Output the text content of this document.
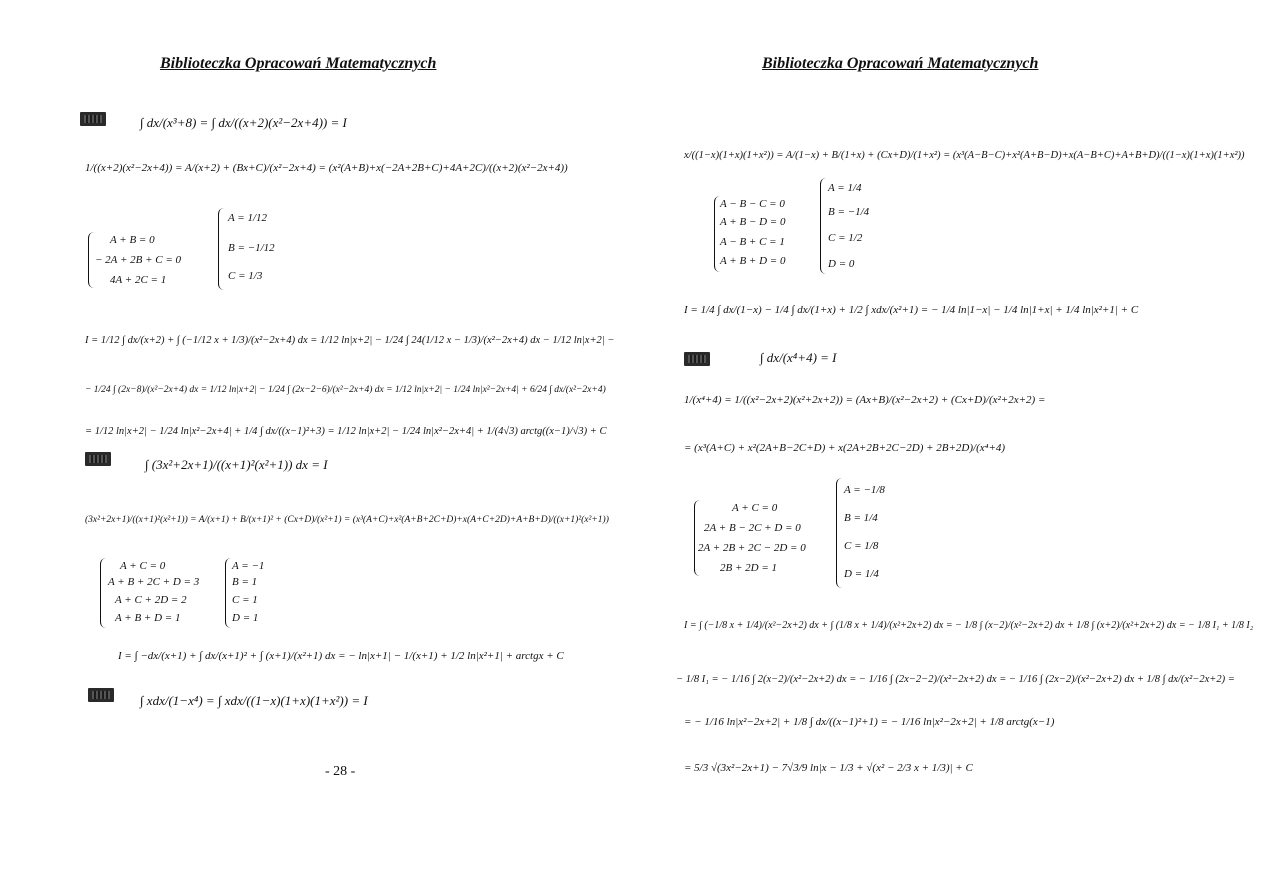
Biblioteczka Opracowań Matematycznych
∫ dx/(x³+8) = ∫ dx/((x+2)(x²−2x+4)) = I
1/((x+2)(x²−2x+4)) = A/(x+2) + (Bx+C)/(x²−2x+4) = (x²(A+B)+x(−2A+2B+C)+4A+2C)/((x+2)(x²−2x+4))
A + B = 0
− 2A + 2B + C = 0
4A + 2C = 1
A = 1/12
B = −1/12
C = 1/3
I = 1/12 ∫ dx/(x+2) + ∫ (−1/12 x + 1/3)/(x²−2x+4) dx = 1/12 ln|x+2| − 1/24 ∫ 24(1/12 x − 1/3)/(x²−2x+4) dx − 1/12 ln|x+2| −
− 1/24 ∫ (2x−8)/(x²−2x+4) dx = 1/12 ln|x+2| − 1/24 ∫ (2x−2−6)/(x²−2x+4) dx = 1/12 ln|x+2| − 1/24 ln|x²−2x+4| + 6/24 ∫ dx/(x²−2x+4)
= 1/12 ln|x+2| − 1/24 ln|x²−2x+4| + 1/4 ∫ dx/((x−1)²+3) = 1/12 ln|x+2| − 1/24 ln|x²−2x+4| + 1/(4√3) arctg((x−1)/√3) + C
∫ (3x²+2x+1)/((x+1)²(x²+1)) dx = I
(3x²+2x+1)/((x+1)²(x²+1)) = A/(x+1) + B/(x+1)² + (Cx+D)/(x²+1) = (x³(A+C)+x²(A+B+2C+D)+x(A+C+2D)+A+B+D)/((x+1)²(x²+1))
A + C = 0
A + B + 2C + D = 3
A + C + 2D = 2
A + B + D = 1
A = −1
B = 1
C = 1
D = 1
I = ∫ −dx/(x+1) + ∫ dx/(x+1)² + ∫ (x+1)/(x²+1) dx = − ln|x+1| − 1/(x+1) + 1/2 ln|x²+1| + arctgx + C
∫ xdx/(1−x⁴) = ∫ xdx/((1−x)(1+x)(1+x²)) = I
- 28 -
Biblioteczka Opracowań Matematycznych
x/((1−x)(1+x)(1+x²)) = A/(1−x) + B/(1+x) + (Cx+D)/(1+x²) = (x³(A−B−C)+x²(A+B−D)+x(A−B+C)+A+B+D)/((1−x)(1+x)(1+x²))
A − B − C = 0
A + B − D = 0
A − B + C = 1
A + B + D = 0
A = 1/4
B = −1/4
C = 1/2
D = 0
I = 1/4 ∫ dx/(1−x) − 1/4 ∫ dx/(1+x) + 1/2 ∫ xdx/(x²+1) = − 1/4 ln|1−x| − 1/4 ln|1+x| + 1/4 ln|x²+1| + C
∫ dx/(x⁴+4) = I
1/(x⁴+4) = 1/((x²−2x+2)(x²+2x+2)) = (Ax+B)/(x²−2x+2) + (Cx+D)/(x²+2x+2) =
= (x³(A+C) + x²(2A+B−2C+D) + x(2A+2B+2C−2D) + 2B+2D)/(x⁴+4)
A + C = 0
2A + B − 2C + D = 0
2A + 2B + 2C − 2D = 0
2B + 2D = 1
A = −1/8
B = 1/4
C = 1/8
D = 1/4
I = ∫ (−1/8 x + 1/4)/(x²−2x+2) dx + ∫ (1/8 x + 1/4)/(x²+2x+2) dx = − 1/8 ∫ (x−2)/(x²−2x+2) dx + 1/8 ∫ (x+2)/(x²+2x+2) dx = − 1/8 I₁ + 1/8 I₂
− 1/8 I₁ = − 1/16 ∫ 2(x−2)/(x²−2x+2) dx = − 1/16 ∫ (2x−2−2)/(x²−2x+2) dx = − 1/16 ∫ (2x−2)/(x²−2x+2) dx + 1/8 ∫ dx/(x²−2x+2) =
= − 1/16 ln|x²−2x+2| + 1/8 ∫ dx/((x−1)²+1) = − 1/16 ln|x²−2x+2| + 1/8 arctg(x−1)
= 5/3 √(3x²−2x+1) − 7√3/9 ln|x − 1/3 + √(x² − 2/3 x + 1/3)| + C
